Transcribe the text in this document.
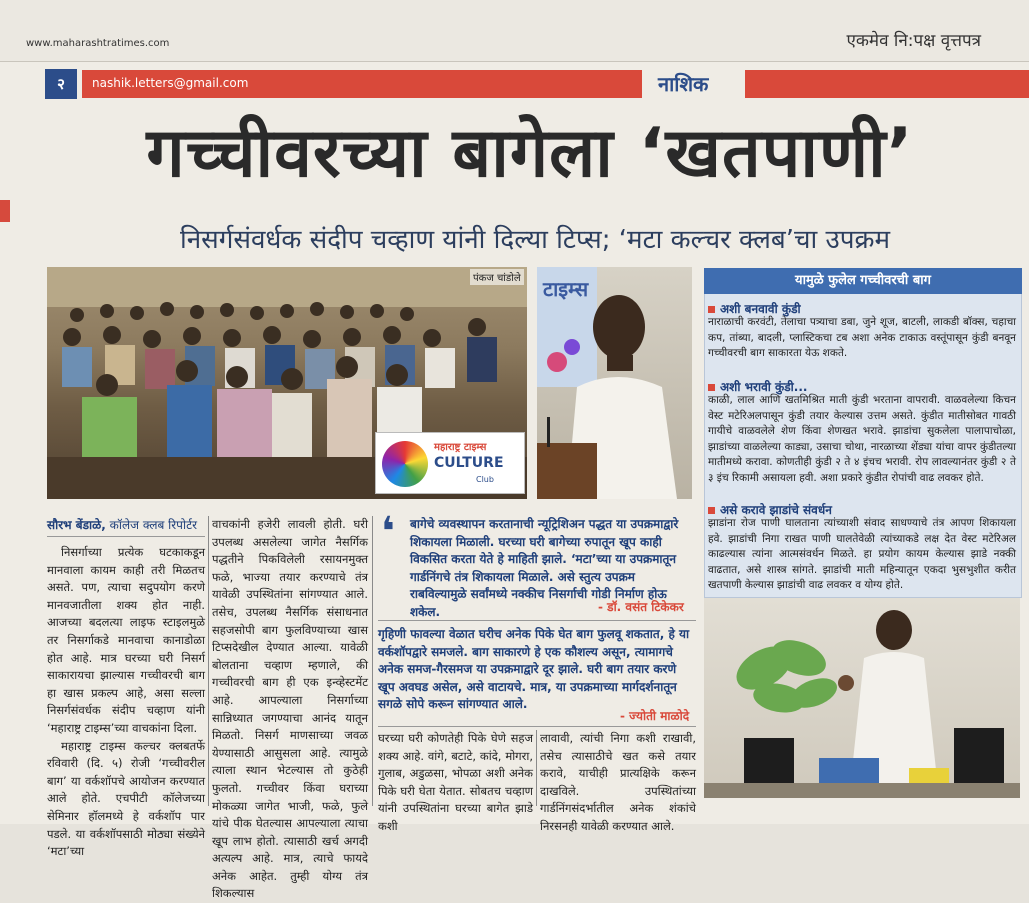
www.maharashtratimes.com	एकमेव नि:पक्ष वृत्तपत्र
२	nashik.letters@gmail.com	नाशिक
गच्चीवरच्या बागेला ‘खतपाणी’
निसर्गसंवर्धक संदीप चव्हाण यांनी दिल्या टिप्स; ‘मटा कल्चर क्लब’चा उपक्रम
पंकज चांडोले
महाराष्ट्र टाइम्स
CULTURE
Club
टाइम्स	यामुळे फुलेल गच्चीवरची बाग
अशी बनवावी कुंडी
नाराळाची करवंटी, तेलाचा पत्र्याचा डबा, जुने शूज, बाटली, लाकडी बॉक्स, चहाचा कप, तांब्या, बादली, प्लास्टिकचा टब अशा अनेक टाकाऊ वस्तूंपासून कुंडी बनवून गच्चीवरची बाग साकारता येऊ शकते.
अशी भरावी कुंडी...
काळी, लाल आणि खतमिश्रित माती कुंडी भरताना वापरावी. वाळवलेल्या किचन वेस्ट मटेरिअलपासून कुंडी तयार केल्यास उत्तम असते. कुंडीत मातीसोबत गावठी गायीचे वाळवलेले शेण किंवा शेणखत भरावे. झाडांचा सुकलेला पालापाचोळा, झाडांच्या वाळलेल्या काड्या, उसाचा चोथा, नारळाच्या शेंड्या यांचा वापर कुंडीतल्या मातीमध्ये करावा. कोणतीही कुंडी २ ते ४ इंचच भरावी. रोप लावल्यानंतर कुंडी २ ते ३ इंच रिकामी असायला हवी. अशा प्रकारे कुंडीत रोपांची वाढ लवकर होते.
असे करावे झाडांचे संवर्धन
झाडांना रोज पाणी घालताना त्यांच्याशी संवाद साधण्याचे तंत्र आपण शिकायला हवे. झाडांची निगा राखत पाणी घालतेवेळी त्यांच्याकडे लक्ष देत वेस्ट मटेरिअल काढल्यास त्यांना आत्मसंवर्धन मिळते. हा प्रयोग कायम केल्यास झाडे नक्की वाढतात, असे शास्त्र सांगते. झाडांची माती महिन्यातून एकदा भुसभुशीत करीत खतपाणी केल्यास झाडांची वाढ लवकर व योग्य होते.
सौरभ बेंडाळे, कॉलेज क्लब रिपोर्टर

निसर्गाच्या प्रत्येक घटकाकडून मानवाला कायम काही तरी मिळतच असते. पण, त्याचा सदुपयोग करणे मानवजातीला शक्य होत नाही. आजच्या बदलत्या लाइफ स्टाइलमुळे तर निसर्गाकडे मानवाचा कानाडोळा होत आहे. मात्र घरच्या घरी निसर्ग साकारायचा झाल्यास गच्चीवरची बाग हा खास प्रकल्प आहे, असा सल्ला निसर्गसंवर्धक संदीप चव्हाण यांनी ‘महाराष्ट्र टाइम्स’च्या वाचकांना दिला.

महाराष्ट्र टाइम्स कल्चर क्लबतर्फे रविवारी (दि. ५) रोजी ‘गच्चीवरील बाग’ या वर्कशॉपचे आयोजन करण्यात आले होते. एचपीटी कॉलेजच्या सेमिनार हॉलमध्ये हे वर्कशॉप पार पडले. या वर्कशॉपसाठी मोठ्या संख्येने ‘मटा’च्या

वाचकांनी हजेरी लावली होती. घरी उपलब्ध असलेल्या जागेत नैसर्गिक पद्धतीने पिकविलेली रसायनमुक्त फळे, भाज्या तयार करण्याचे तंत्र यावेळी उपस्थितांना सांगण्यात आले. तसेच, उपलब्ध नैसर्गिक संसाधनात सहजसोपी बाग फुलविण्याच्या खास टिप्सदेखील देण्यात आल्या. यावेळी बोलताना चव्हाण म्हणाले, की गच्चीवरची बाग ही एक इन्व्हेस्टमेंट आहे. आपल्याला निसर्गाच्या सान्निध्यात जगण्याचा आनंद यातून मिळतो. निसर्ग माणसाच्या जवळ येण्यासाठी आसुसला आहे. त्यामुळे त्याला स्थान भेटल्यास तो कुठेही फुलतो. गच्चीवर किंवा घराच्या मोकळ्या जागेत भाजी, फळे, फुले यांचे पीक घेतल्यास आपल्याला त्याचा खूप लाभ होतो. त्यासाठी खर्च अगदी अत्यल्प आहे. मात्र, त्याचे फायदे अनेक आहेत. तुम्ही योग्य तंत्र शिकल्यास

❛ बागेचे व्यवस्थापन करतानाची न्यूट्रिशिअन पद्धत या उपक्रमाद्वारे शिकायला मिळाली. घरच्या घरी बागेच्या रुपातून खूप काही विकसित करता येते हे माहिती झाले. ‘मटा’च्या या उपक्रमातून गार्डनिंगचे तंत्र शिकायला मिळाले. असे स्तुत्य उपक्रम राबविल्यामुळे सर्वांमध्ये नक्कीच निसर्गाची गोडी निर्माण होऊ शकेल.	- डॉ. वसंत टिकेकर
गृहिणी फावल्या वेळात घरीच अनेक पिके घेत बाग फुलवू शकतात, हे या वर्कशॉपद्वारे समजले. बाग साकारणे हे एक कौशल्य असून, त्यामागचे अनेक समज-गैरसमज या उपक्रमाद्वारे दूर झाले. घरी बाग तयार करणे खूप अवघड असेल, असे वाटायचे. मात्र, या उपक्रमाच्या मार्गदर्शनातून सगळे सोपे करून सांगण्यात आले.
- ज्योती माळोदे

घरच्या घरी कोणतेही पिके घेणे सहज शक्य आहे. वांगे, बटाटे, कांदे, मोगरा, गुलाब, अडुळसा, भोपळा अशी अनेक पिके घरी घेता येतात. सोबतच चव्हाण यांनी उपस्थितांना घरच्या बागेत झाडे कशी

लावावी, त्यांची निगा कशी राखावी, तसेच त्यासाठीचे खत कसे तयार करावे, याचीही प्रात्यक्षिके करून दाखविले. उपस्थितांच्या गार्डनिंगसंदर्भातील अनेक शंकांचे निरसनही यावेळी करण्यात आले.
